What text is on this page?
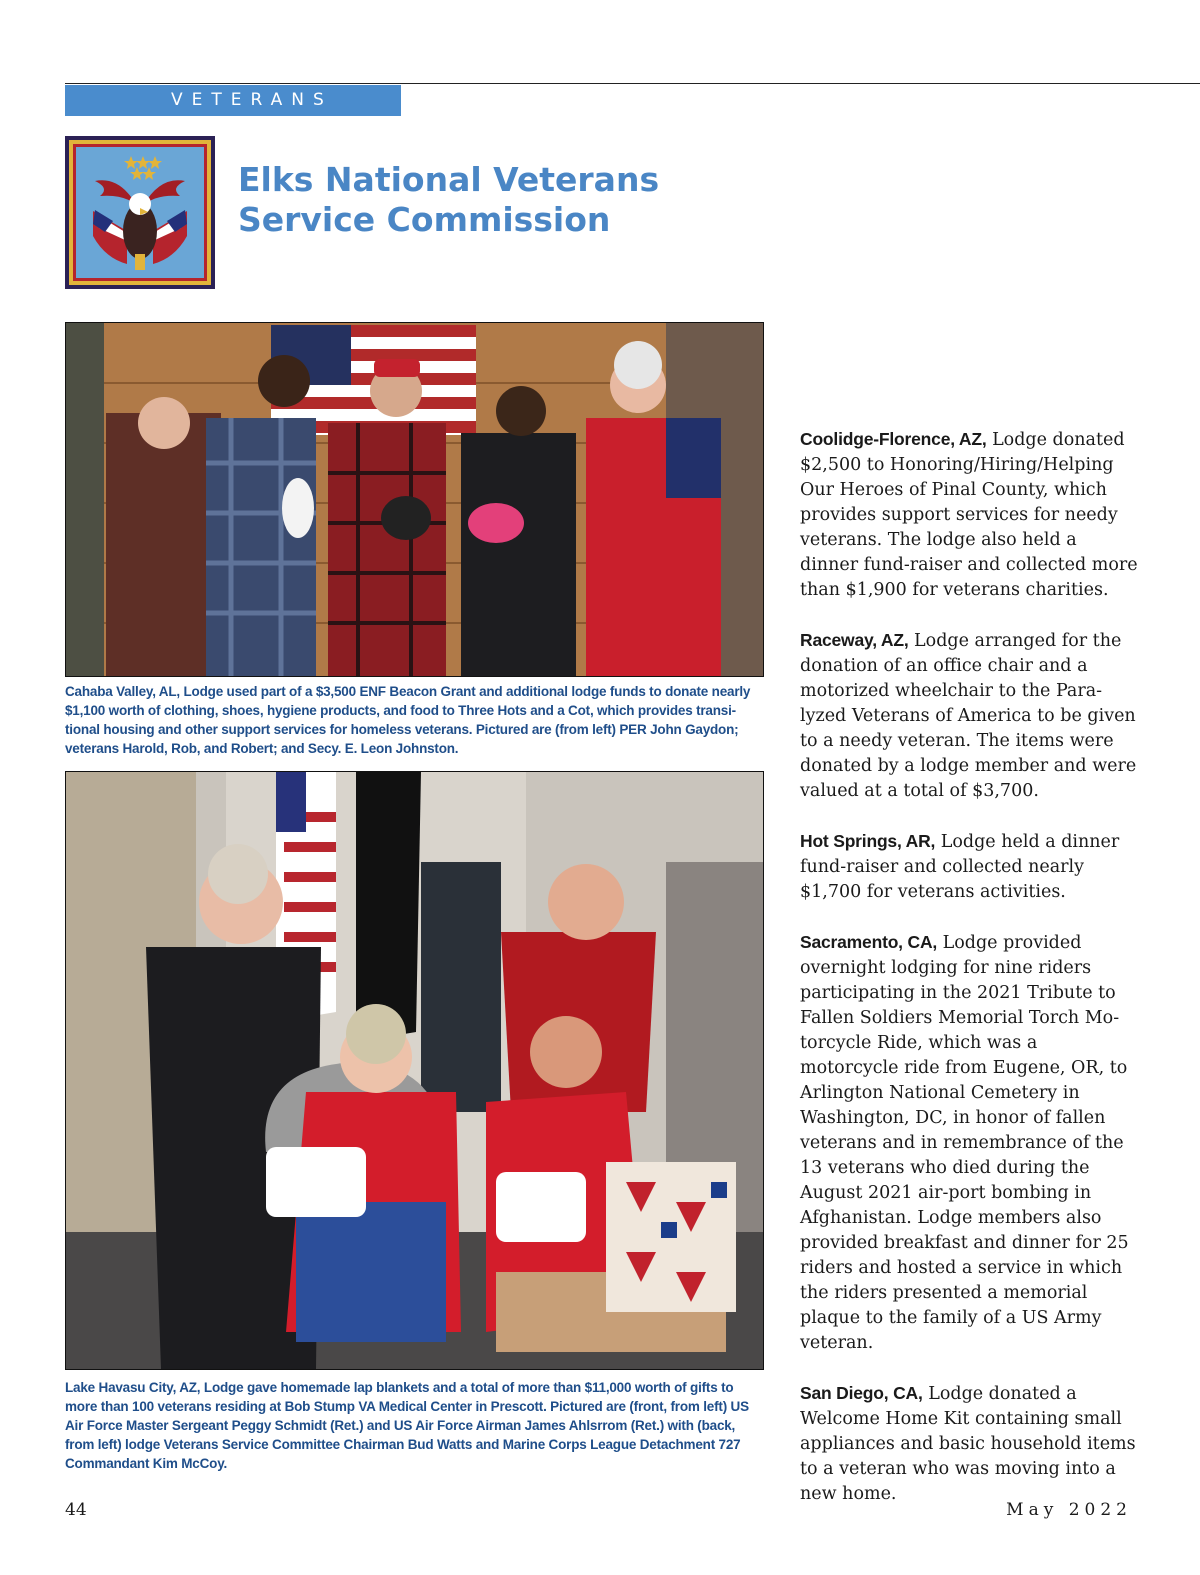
VETERANS
Elks National Veterans
Service Commission

Cahaba Valley, AL, Lodge used part of a $3,500 ENF Beacon Grant and additional lodge funds to donate nearly $1,100 worth of clothing, shoes, hygiene products, and food to Three Hots and a Cot, which provides transi-tional housing and other support services for homeless veterans. Pictured are (from left) PER John Gaydon; veterans Harold, Rob, and Robert; and Secy. E. Leon Johnston.

Lake Havasu City, AZ, Lodge gave homemade lap blankets and a total of more than $11,000 worth of gifts to more than 100 veterans residing at Bob Stump VA Medical Center in Prescott. Pictured are (front, from left) US Air Force Master Sergeant Peggy Schmidt (Ret.) and US Air Force Airman James Ahlsrrom (Ret.) with (back, from left) lodge Veterans Service Committee Chairman Bud Watts and Marine Corps League Detachment 727 Commandant Kim McCoy.

Coolidge-Florence, AZ, Lodge donated $2,500 to Honoring/Hiring/Helping Our Heroes of Pinal County, which provides support services for needy veterans. The lodge also held a dinner fund-raiser and collected more than $1,900 for veterans charities.

Raceway, AZ, Lodge arranged for the donation of an office chair and a motorized wheelchair to the Para-lyzed Veterans of America to be given to a needy veteran. The items were donated by a lodge member and were valued at a total of $3,700.

Hot Springs, AR, Lodge held a dinner fund-raiser and collected nearly $1,700 for veterans activities.

Sacramento, CA, Lodge provided overnight lodging for nine riders participating in the 2021 Tribute to Fallen Soldiers Memorial Torch Mo-torcycle Ride, which was a motorcycle ride from Eugene, OR, to Arlington National Cemetery in Washington, DC, in honor of fallen veterans and in remembrance of the 13 veterans who died during the August 2021 air-port bombing in Afghanistan. Lodge members also provided breakfast and dinner for 25 riders and hosted a service in which the riders presented a memorial plaque to the family of a US Army veteran.

San Diego, CA, Lodge donated a Welcome Home Kit containing small appliances and basic household items to a veteran who was moving into a new home.

44	May 2022
